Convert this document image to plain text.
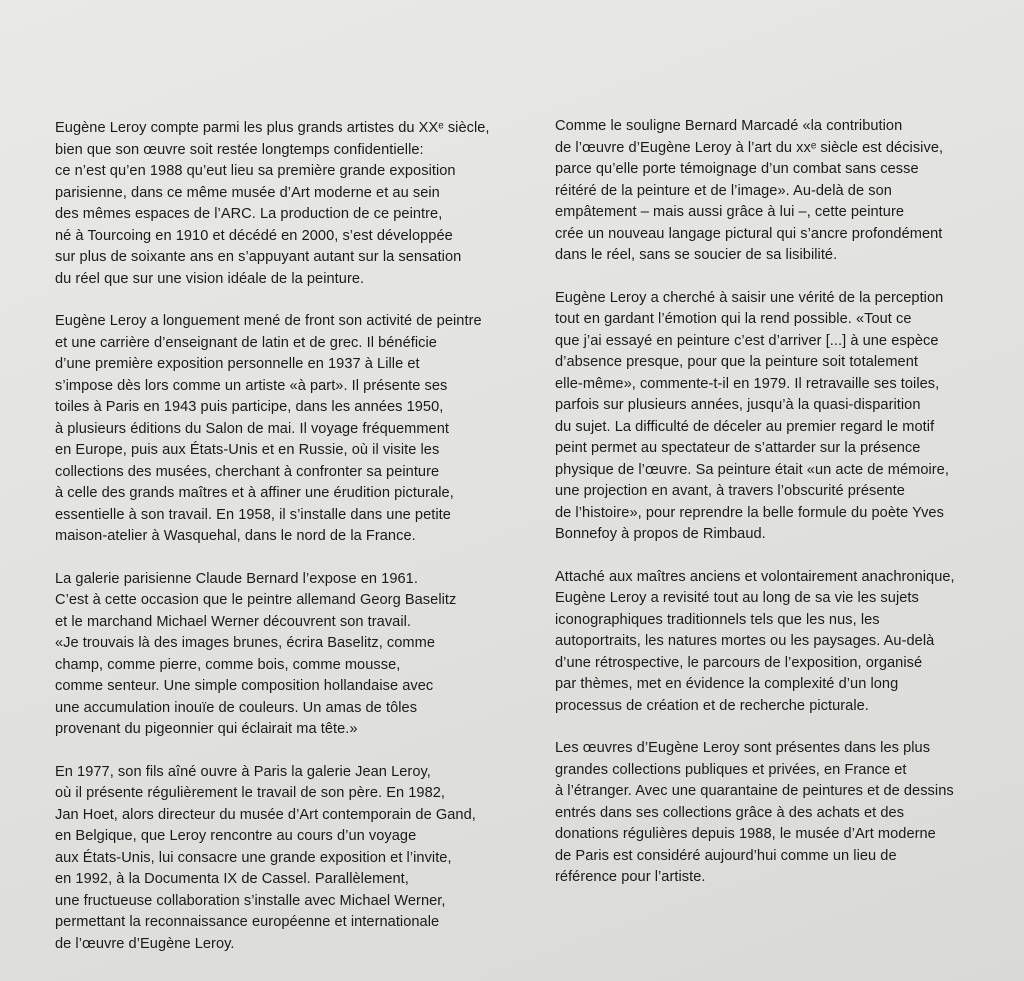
Eugène Leroy compte parmi les plus grands artistes du XXᵉ siècle,
bien que son œuvre soit restée longtemps confidentielle:
ce n’est qu’en 1988 qu’eut lieu sa première grande exposition
parisienne, dans ce même musée d’Art moderne et au sein
des mêmes espaces de l’ARC. La production de ce peintre,
né à Tourcoing en 1910 et décédé en 2000, s’est développée
sur plus de soixante ans en s’appuyant autant sur la sensation
du réel que sur une vision idéale de la peinture.

Eugène Leroy a longuement mené de front son activité de peintre
et une carrière d’enseignant de latin et de grec. Il bénéficie
d’une première exposition personnelle en 1937 à Lille et
s’impose dès lors comme un artiste «à part». Il présente ses
toiles à Paris en 1943 puis participe, dans les années 1950,
à plusieurs éditions du Salon de mai. Il voyage fréquemment
en Europe, puis aux États-Unis et en Russie, où il visite les
collections des musées, cherchant à confronter sa peinture
à celle des grands maîtres et à affiner une érudition picturale,
essentielle à son travail. En 1958, il s’installe dans une petite
maison-atelier à Wasquehal, dans le nord de la France.

La galerie parisienne Claude Bernard l’expose en 1961.
C’est à cette occasion que le peintre allemand Georg Baselitz
et le marchand Michael Werner découvrent son travail.
«Je trouvais là des images brunes, écrira Baselitz, comme
champ, comme pierre, comme bois, comme mousse,
comme senteur. Une simple composition hollandaise avec
une accumulation inouïe de couleurs. Un amas de tôles
provenant du pigeonnier qui éclairait ma tête.»

En 1977, son fils aîné ouvre à Paris la galerie Jean Leroy,
où il présente régulièrement le travail de son père. En 1982,
Jan Hoet, alors directeur du musée d’Art contemporain de Gand,
en Belgique, que Leroy rencontre au cours d’un voyage
aux États-Unis, lui consacre une grande exposition et l’invite,
en 1992, à la Documenta IX de Cassel. Parallèlement,
une fructueuse collaboration s’installe avec Michael Werner,
permettant la reconnaissance européenne et internationale
de l’œuvre d’Eugène Leroy.

Comme le souligne Bernard Marcadé «la contribution
de l’œuvre d’Eugène Leroy à l’art du xxᵉ siècle est décisive,
parce qu’elle porte témoignage d’un combat sans cesse
réitéré de la peinture et de l’image». Au-delà de son
empâtement – mais aussi grâce à lui –, cette peinture
crée un nouveau langage pictural qui s’ancre profondément
dans le réel, sans se soucier de sa lisibilité.

Eugène Leroy a cherché à saisir une vérité de la perception
tout en gardant l’émotion qui la rend possible. «Tout ce
que j’ai essayé en peinture c’est d’arriver [...] à une espèce
d’absence presque, pour que la peinture soit totalement
elle-même», commente-t-il en 1979. Il retravaille ses toiles,
parfois sur plusieurs années, jusqu’à la quasi-disparition
du sujet. La difficulté de déceler au premier regard le motif
peint permet au spectateur de s’attarder sur la présence
physique de l’œuvre. Sa peinture était «un acte de mémoire,
une projection en avant, à travers l’obscurité présente
de l’histoire», pour reprendre la belle formule du poète Yves
Bonnefoy à propos de Rimbaud.

Attaché aux maîtres anciens et volontairement anachronique,
Eugène Leroy a revisité tout au long de sa vie les sujets
iconographiques traditionnels tels que les nus, les
autoportraits, les natures mortes ou les paysages. Au-delà
d’une rétrospective, le parcours de l’exposition, organisé
par thèmes, met en évidence la complexité d’un long
processus de création et de recherche picturale.

Les œuvres d’Eugène Leroy sont présentes dans les plus
grandes collections publiques et privées, en France et
à l’étranger. Avec une quarantaine de peintures et de dessins
entrés dans ses collections grâce à des achats et des
donations régulières depuis 1988, le musée d’Art moderne
de Paris est considéré aujourd’hui comme un lieu de
référence pour l’artiste.
